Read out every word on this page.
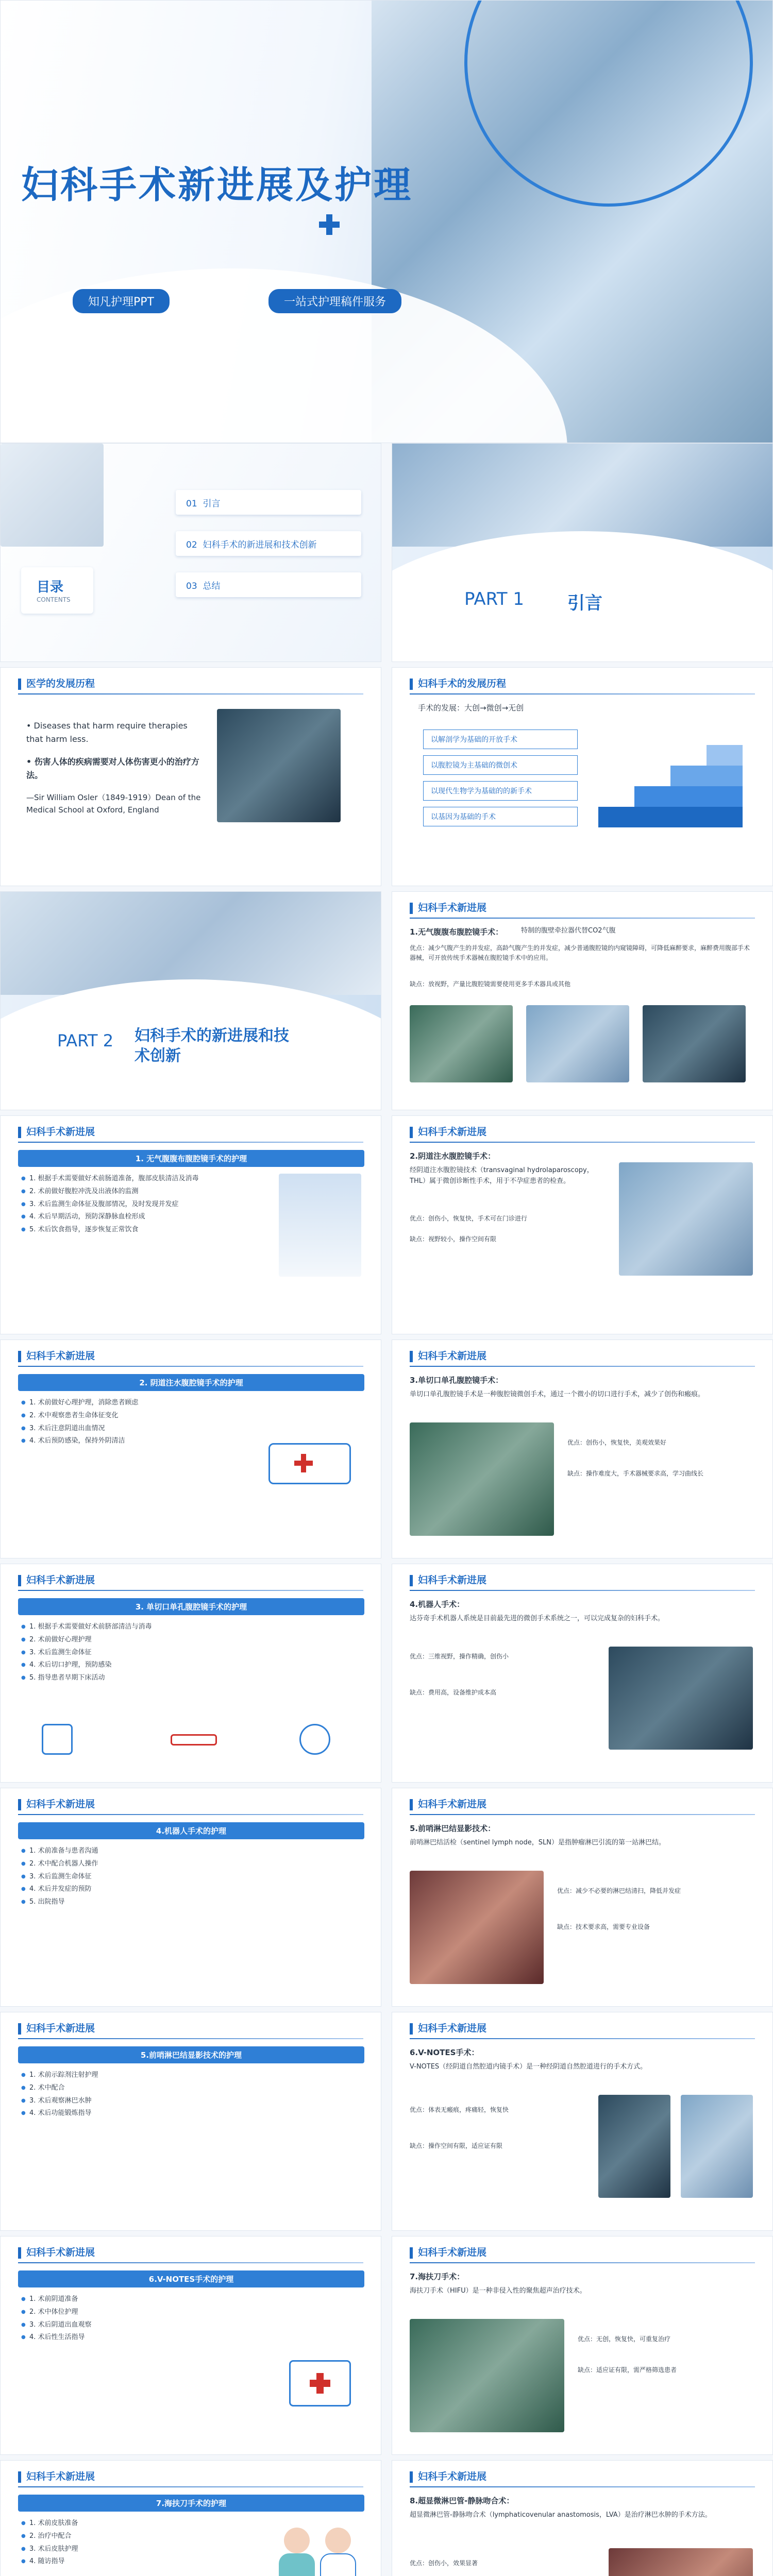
妇科手术新进展及护理
知凡护理PPT	一站式护理稿件服务
目录
CONTENTS
01 引言
02 妇科手术的新进展和技术创新
03 总结
PART 1 引言
医学的发展历程
• Diseases that harm require therapies that harm less.
• 伤害人体的疾病需要对人体伤害更小的治疗方法。
—Sir William Osler（1849-1919）Dean of the Medical School at Oxford, England
妇科手术的发展历程
手术的发展：大创→微创→无创
以解剖学为基础的开放手术
以腹腔镜为主基础的微创术
以现代生物学为基础的的新手术
以基因为基础的手术
PART 2 妇科手术的新进展和技术创新
妇科手术新进展
1.无气腹腹布腹腔镜手术：	特制的腹壁牵拉器代替CO2气腹
优点：减少气腹产生的并发症，高龄气腹产生的并发症，减少普通腹腔镜的内窥镜障碍，可降低麻醉要求，麻醉费用腹部手术器械，可开放传统手术器械在腹腔镜手术中的应用。
缺点：放视野，产量比腹腔镜需要使用更多手术器具或其他
妇科手术新进展
1. 无气腹腹布腹腔镜手术的护理
● 1. 根据手术需要做好术前肠道准备，腹部皮肤清洁及消毒
● 2. 术前做好腹腔冲洗及出液体的监测
● 3. 术后监测生命体征及腹部情况，及时发现并发症
● 4. 术后早期活动，预防深静脉血栓形成
● 5. 术后饮食指导，逐步恢复正常饮食
妇科手术新进展
2.阴道注水腹腔镜手术：
经阴道注水腹腔镜技术（transvaginal hydrolaparoscopy，THL）属于微创诊断性手术，用于不孕症患者的检查。
优点：创伤小，恢复快，手术可在门诊进行
缺点：视野较小，操作空间有限
妇科手术新进展
2. 阴道注水腹腔镜手术的护理
● 1. 术前做好心理护理，消除患者顾虑
● 2. 术中观察患者生命体征变化
● 3. 术后注意阴道出血情况
● 4. 术后预防感染，保持外阴清洁
妇科手术新进展
3.单切口单孔腹腔镜手术：
单切口单孔腹腔镜手术是一种腹腔镜微创手术，通过一个微小的切口进行手术，减少了创伤和瘢痕。
优点：创伤小，恢复快，美观效果好
缺点：操作难度大，手术器械要求高，学习曲线长
妇科手术新进展
3. 单切口单孔腹腔镜手术的护理
● 1. 根据手术需要做好术前脐部清洁与消毒
● 2. 术前做好心理护理
● 3. 术后监测生命体征
● 4. 术后切口护理，预防感染
● 5. 指导患者早期下床活动
妇科手术新进展
4.机器人手术：
达芬奇手术机器人系统是目前最先进的微创手术系统之一，可以完成复杂的妇科手术。
优点：三维视野，操作精确，创伤小
缺点：费用高，设备维护成本高
妇科手术新进展
4.机器人手术的护理
● 1. 术前准备与患者沟通
● 2. 术中配合机器人操作
● 3. 术后监测生命体征
● 4. 术后并发症的预防
● 5. 出院指导
妇科手术新进展
5.前哨淋巴结显影技术：
前哨淋巴结活检（sentinel lymph node，SLN）是指肿瘤淋巴引流的第一站淋巴结。
优点：减少不必要的淋巴结清扫，降低并发症
缺点：技术要求高，需要专业设备
妇科手术新进展
5.前哨淋巴结显影技术的护理
● 1. 术前示踪剂注射护理
● 2. 术中配合
● 3. 术后观察淋巴水肿
● 4. 术后功能锻炼指导
妇科手术新进展
6.V-NOTES手术：
V-NOTES（经阴道自然腔道内镜手术）是一种经阴道自然腔道进行的手术方式。
优点：体表无瘢痕，疼痛轻，恢复快
缺点：操作空间有限，适应证有限
妇科手术新进展
6.V-NOTES手术的护理
● 1. 术前阴道准备
● 2. 术中体位护理
● 3. 术后阴道出血观察
● 4. 术后性生活指导
妇科手术新进展
7.海扶刀手术：
海扶刀手术（HIFU）是一种非侵入性的聚焦超声治疗技术。
优点：无创，恢复快，可重复治疗
缺点：适应证有限，需严格筛选患者
妇科手术新进展
7.海扶刀手术的护理
● 1. 术前皮肤准备
● 2. 治疗中配合
● 3. 术后皮肤护理
● 4. 随访指导
妇科手术新进展
8.超显微淋巴管-静脉吻合术：
超显微淋巴管-静脉吻合术（lymphaticovenular anastomosis，LVA）是治疗淋巴水肿的手术方法。
优点：创伤小，效果显著
